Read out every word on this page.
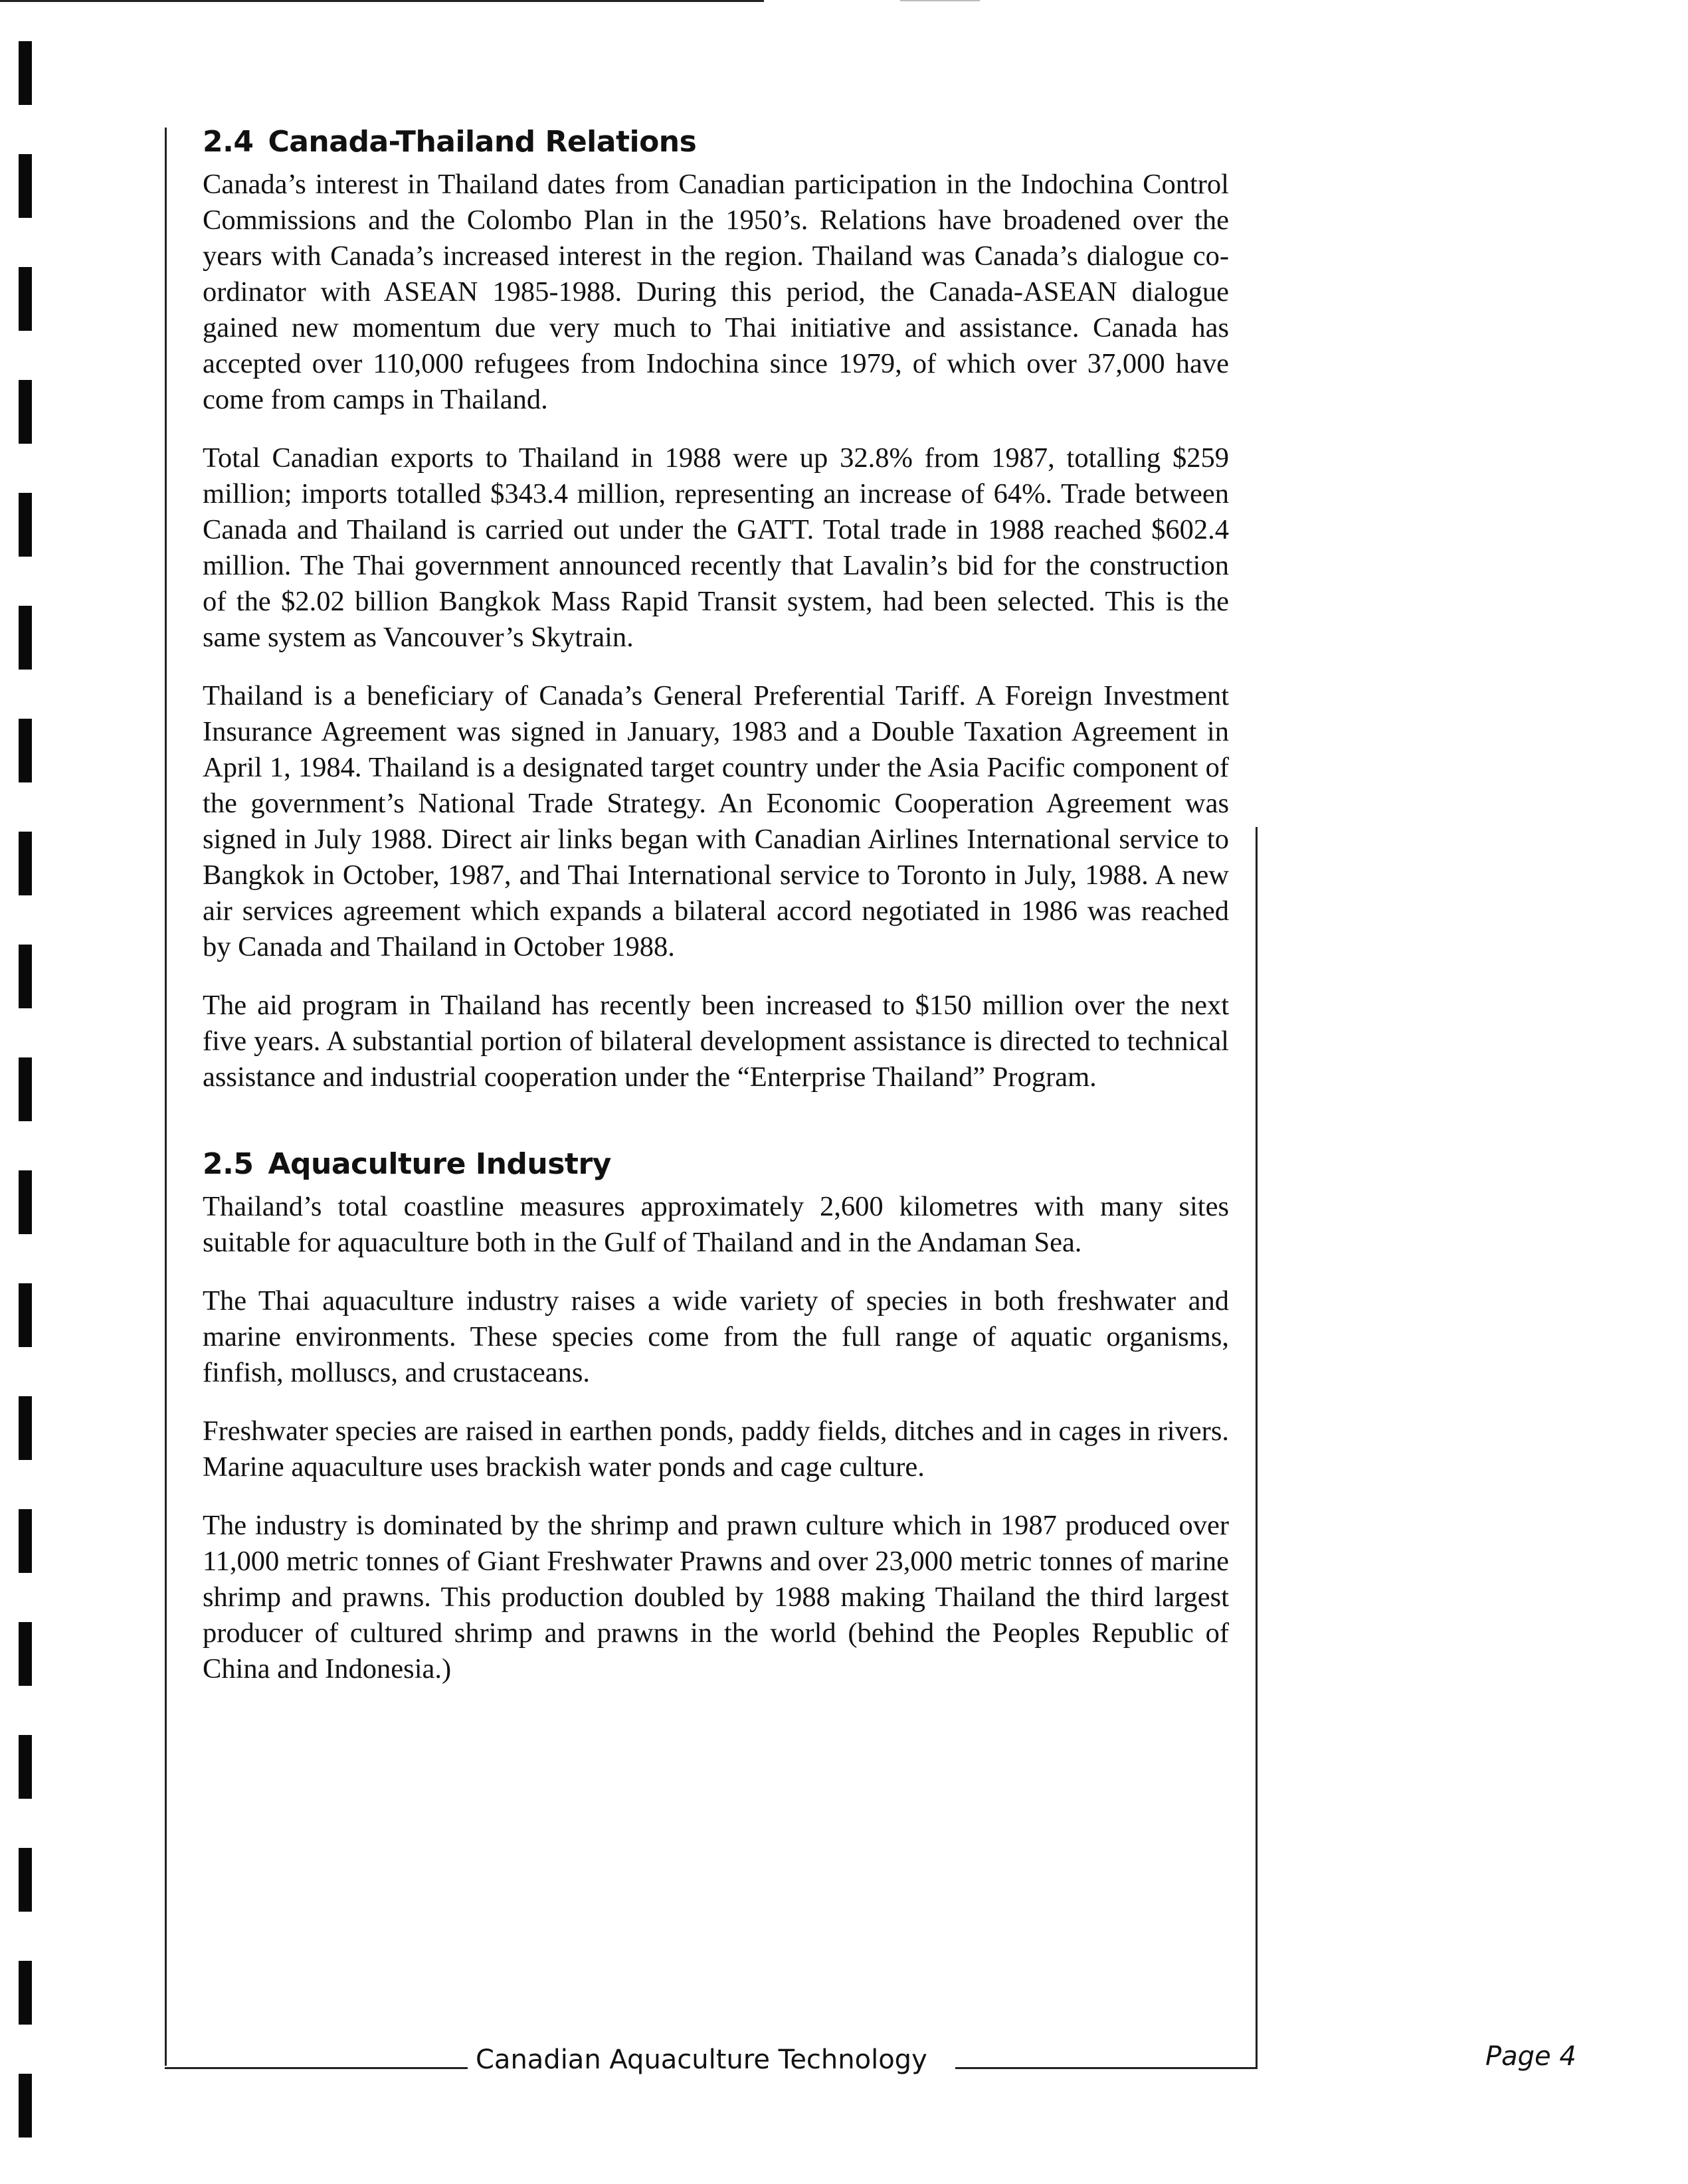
2.4 Canada-Thailand Relations

Canada’s interest in Thailand dates from Canadian participation in the Indochina Control Commissions and the Colombo Plan in the 1950’s. Relations have broadened over the years with Canada’s increased interest in the region. Thailand was Canada’s dialogue co-ordinator with ASEAN 1985-1988. During this period, the Canada-ASEAN dialogue gained new momentum due very much to Thai initiative and assistance. Canada has accepted over 110,000 refugees from Indochina since 1979, of which over 37,000 have come from camps in Thailand.

Total Canadian exports to Thailand in 1988 were up 32.8% from 1987, totalling $259 million; imports totalled $343.4 million, representing an increase of 64%. Trade between Canada and Thailand is carried out under the GATT. Total trade in 1988 reached $602.4 million. The Thai government announced recently that Lavalin’s bid for the construction of the $2.02 billion Bangkok Mass Rapid Transit system, had been selected. This is the same system as Vancouver’s Skytrain.

Thailand is a beneficiary of Canada’s General Preferential Tariff. A Foreign Investment Insurance Agreement was signed in January, 1983 and a Double Taxation Agreement in April 1, 1984. Thailand is a designated target country under the Asia Pacific component of the government’s National Trade Strategy. An Economic Cooperation Agreement was signed in July 1988. Direct air links began with Canadian Airlines International service to Bangkok in October, 1987, and Thai International service to Toronto in July, 1988. A new air services agreement which expands a bilateral accord negotiated in 1986 was reached by Canada and Thailand in October 1988.

The aid program in Thailand has recently been increased to $150 million over the next five years. A substantial portion of bilateral development assistance is directed to technical assistance and industrial cooperation under the “Enterprise Thailand” Program.

2.5 Aquaculture Industry

Thailand’s total coastline measures approximately 2,600 kilometres with many sites suitable for aquaculture both in the Gulf of Thailand and in the Andaman Sea.

The Thai aquaculture industry raises a wide variety of species in both freshwater and marine environments. These species come from the full range of aquatic organisms, finfish, molluscs, and crustaceans.

Freshwater species are raised in earthen ponds, paddy fields, ditches and in cages in rivers. Marine aquaculture uses brackish water ponds and cage culture.

The industry is dominated by the shrimp and prawn culture which in 1987 produced over 11,000 metric tonnes of Giant Freshwater Prawns and over 23,000 metric tonnes of marine shrimp and prawns. This production doubled by 1988 making Thailand the third largest producer of cultured shrimp and prawns in the world (behind the Peoples Republic of China and Indonesia.)

Canadian Aquaculture Technology	Page 4
